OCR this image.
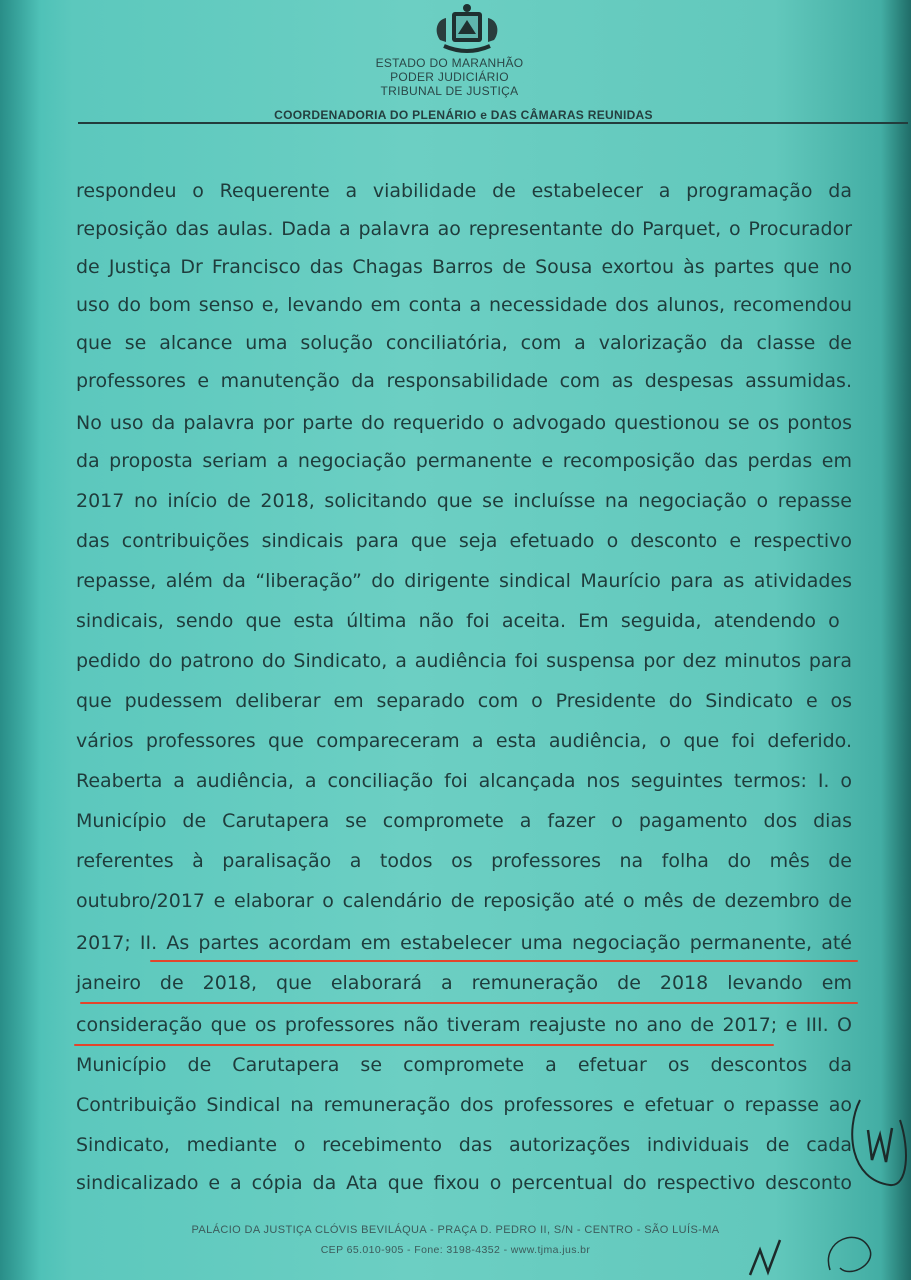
ESTADO DO MARANHÃO
PODER JUDICIÁRIO
TRIBUNAL DE JUSTIÇA
COORDENADORIA DO PLENÁRIO e DAS CÂMARAS REUNIDAS
respondeu o Requerente a viabilidade de estabelecer a programação da
reposição das aulas. Dada a palavra ao representante do Parquet, o Procurador
de Justiça Dr Francisco das Chagas Barros de Sousa exortou às partes que no
uso do bom senso e, levando em conta a necessidade dos alunos, recomendou
que se alcance uma solução conciliatória, com a valorização da classe de
professores e manutenção da responsabilidade com as despesas assumidas.
No uso da palavra por parte do requerido o advogado questionou se os pontos
da proposta seriam a negociação permanente e recomposição das perdas em
2017 no início de 2018, solicitando que se incluísse na negociação o repasse
das contribuições sindicais para que seja efetuado o desconto e respectivo
repasse, além da “liberação” do dirigente sindical Maurício para as atividades
sindicais, sendo que esta última não foi aceita. Em seguida, atendendo o
pedido do patrono do Sindicato, a audiência foi suspensa por dez minutos para
que pudessem deliberar em separado com o Presidente do Sindicato e os
vários professores que compareceram a esta audiência, o que foi deferido.
Reaberta a audiência, a conciliação foi alcançada nos seguintes termos: I. o
Município de Carutapera se compromete a fazer o pagamento dos dias
referentes à paralisação a todos os professores na folha do mês de
outubro/2017 e elaborar o calendário de reposição até o mês de dezembro de
2017; II. As partes acordam em estabelecer uma negociação permanente, até
janeiro de 2018, que elaborará a remuneração de 2018 levando em
consideração que os professores não tiveram reajuste no ano de 2017; e III. O
Município de Carutapera se compromete a efetuar os descontos da
Contribuição Sindical na remuneração dos professores e efetuar o repasse ao
Sindicato, mediante o recebimento das autorizações individuais de cada
sindicalizado e a cópia da Ata que fixou o percentual do respectivo desconto
PALÁCIO DA JUSTIÇA CLÓVIS BEVILÁQUA - PRAÇA D. PEDRO II, S/N - CENTRO - SÃO LUÍS-MA
CEP 65.010-905 - Fone: 3198-4352 - www.tjma.jus.br
